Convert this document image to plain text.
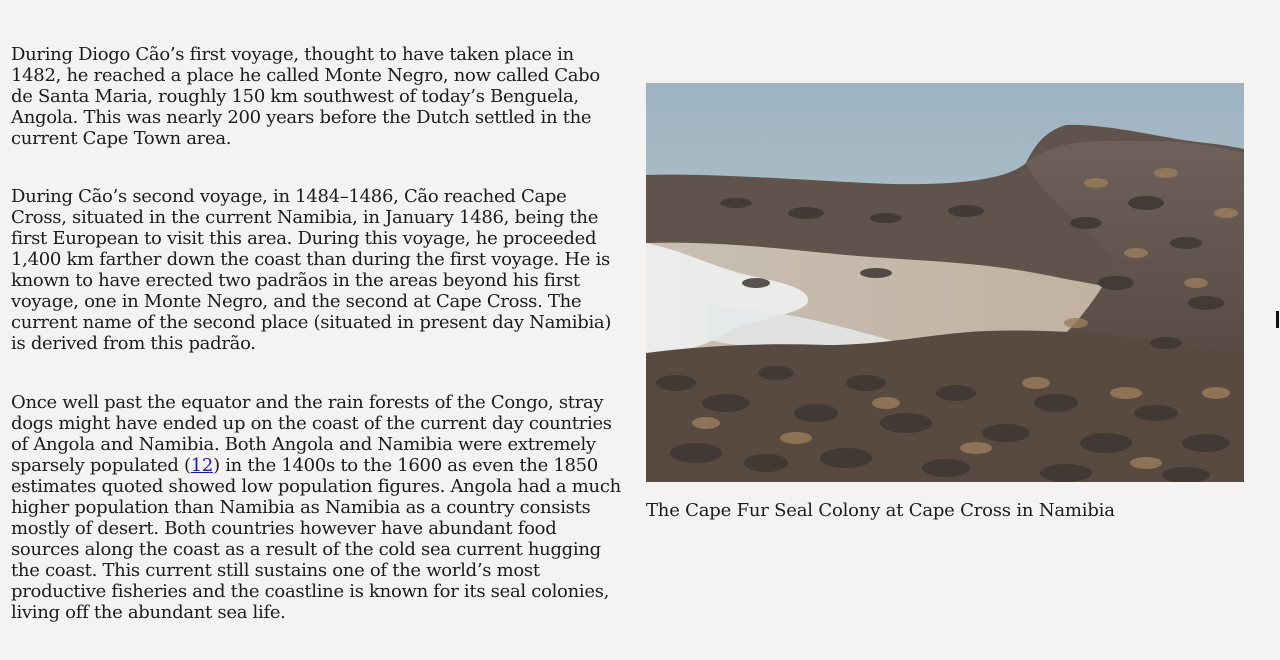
During Diogo Cão’s first voyage, thought to have taken place in 1482, he reached a place he called Monte Negro, now called Cabo de Santa Maria, roughly 150 km southwest of today’s Benguela, Angola. This was nearly 200 years before the Dutch settled in the current Cape Town area.

During Cão’s second voyage, in 1484–1486, Cão reached Cape Cross, situated in the current Namibia, in January 1486, being the first European to visit this area. During this voyage, he proceeded 1,400 km farther down the coast than during the first voyage. He is known to have erected two padrãos in the areas beyond his first voyage, one in Monte Negro, and the second at Cape Cross. The current name of the second place (situated in present day Namibia) is derived from this padrão.

Once well past the equator and the rain forests of the Congo, stray dogs might have ended up on the coast of the current day countries of Angola and Namibia. Both Angola and Namibia were extremely sparsely populated (12) in the 1400s to the 1600 as even the 1850 estimates quoted showed low population figures. Angola had a much higher population than Namibia as Namibia as a country consists mostly of desert. Both countries however have abundant food sources along the coast as a result of the cold sea current hugging the coast. This current still sustains one of the world’s most productive fisheries and the coastline is known for its seal colonies, living off the abundant sea life.

The Cape Fur Seal Colony at Cape Cross in Namibia
